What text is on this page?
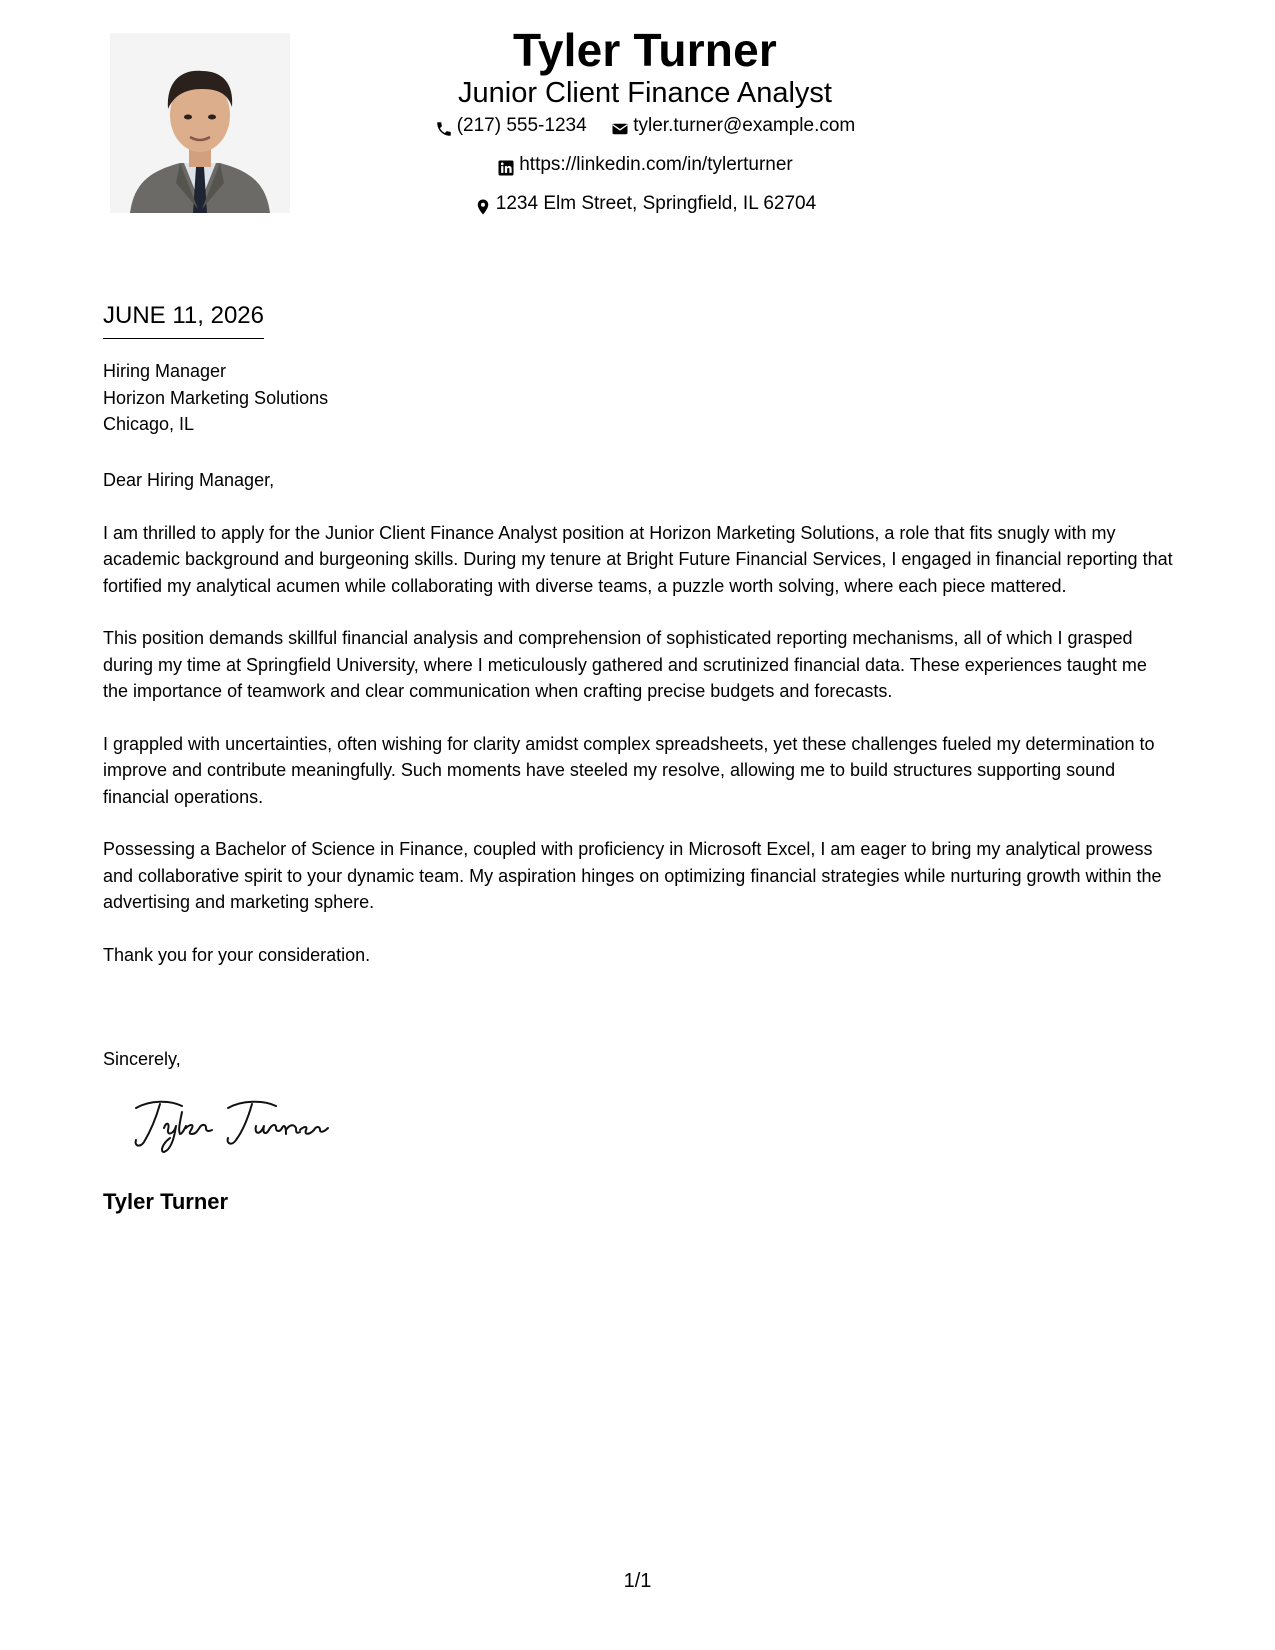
Tyler Turner
Junior Client Finance Analyst
(217) 555-1234
tyler.turner@example.com
https://linkedin.com/in/tylerturner
1234 Elm Street, Springfield, IL 62704
JUNE 11, 2026
Hiring Manager
Horizon Marketing Solutions
Chicago, IL

Dear Hiring Manager,

I am thrilled to apply for the Junior Client Finance Analyst position at Horizon Marketing Solutions, a role that fits snugly with my academic background and burgeoning skills. During my tenure at Bright Future Financial Services, I engaged in financial reporting that fortified my analytical acumen while collaborating with diverse teams, a puzzle worth solving, where each piece mattered.

This position demands skillful financial analysis and comprehension of sophisticated reporting mechanisms, all of which I grasped during my time at Springfield University, where I meticulously gathered and scrutinized financial data. These experiences taught me the importance of teamwork and clear communication when crafting precise budgets and forecasts.

I grappled with uncertainties, often wishing for clarity amidst complex spreadsheets, yet these challenges fueled my determination to improve and contribute meaningfully. Such moments have steeled my resolve, allowing me to build structures supporting sound financial operations.

Possessing a Bachelor of Science in Finance, coupled with proficiency in Microsoft Excel, I am eager to bring my analytical prowess and collaborative spirit to your dynamic team. My aspiration hinges on optimizing financial strategies while nurturing growth within the advertising and marketing sphere.

Thank you for your consideration.

Sincerely,
Tyler Turner
1/1
